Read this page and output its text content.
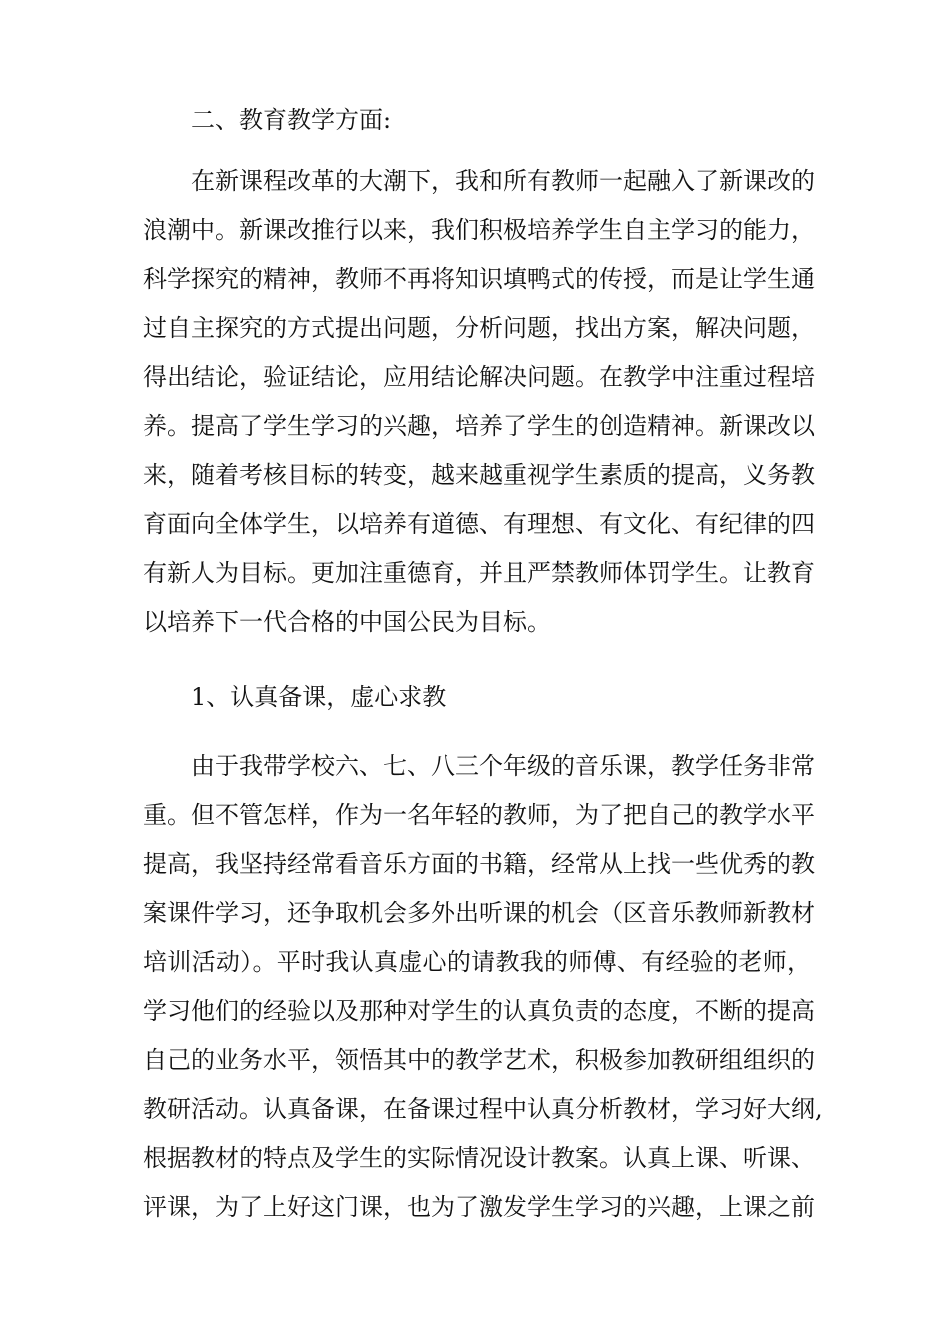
二、教育教学方面:
　　在新课程改革的大潮下，我和所有教师一起融入了新课改的
浪潮中。新课改推行以来，我们积极培养学生自主学习的能力，
科学探究的精神，教师不再将知识填鸭式的传授，而是让学生通
过自主探究的方式提出问题，分析问题，找出方案，解决问题，
得出结论，验证结论，应用结论解决问题。在教学中注重过程培
养。提高了学生学习的兴趣，培养了学生的创造精神。新课改以
来，随着考核目标的转变，越来越重视学生素质的提高，义务教
育面向全体学生，以培养有道德、有理想、有文化、有纪律的四
有新人为目标。更加注重德育，并且严禁教师体罚学生。让教育
以培养下一代合格的中国公民为目标。
1、认真备课，虚心求教
　　由于我带学校六、七、八三个年级的音乐课，教学任务非常
重。但不管怎样，作为一名年轻的教师，为了把自己的教学水平
提高，我坚持经常看音乐方面的书籍，经常从上找一些优秀的教
案课件学习，还争取机会多外出听课的机会（区音乐教师新教材
培训活动）。平时我认真虚心的请教我的师傅、有经验的老师，
学习他们的经验以及那种对学生的认真负责的态度，不断的提高
自己的业务水平，领悟其中的教学艺术，积极参加教研组组织的
教研活动。认真备课，在备课过程中认真分析教材，学习好大纲,
根据教材的特点及学生的实际情况设计教案。认真上课、听课、
评课，为了上好这门课，也为了激发学生学习的兴趣，上课之前
